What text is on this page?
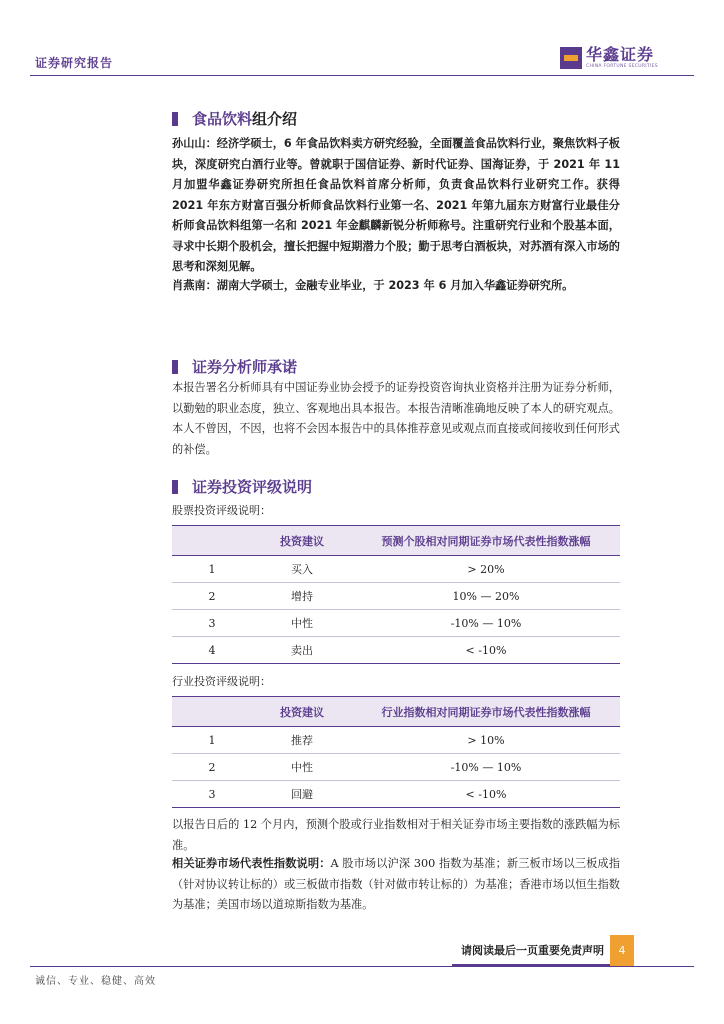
证券研究报告	华鑫证券
CHINA FORTUNE SECURITIES
食品饮料组介绍
孙山山：经济学硕士，6 年食品饮料卖方研究经验，全面覆盖食品饮料行业，聚焦饮料子板块，深度研究白酒行业等。曾就职于国信证券、新时代证券、国海证券，于 2021 年 11 月加盟华鑫证券研究所担任食品饮料首席分析师，负责食品饮料行业研究工作。获得 2021 年东方财富百强分析师食品饮料行业第一名、2021 年第九届东方财富行业最佳分析师食品饮料组第一名和 2021 年金麒麟新锐分析师称号。注重研究行业和个股基本面，寻求中长期个股机会，擅长把握中短期潜力个股；勤于思考白酒板块，对苏酒有深入市场的思考和深刻见解。
肖燕南：湖南大学硕士，金融专业毕业，于 2023 年 6 月加入华鑫证券研究所。
证券分析师承诺
本报告署名分析师具有中国证券业协会授予的证券投资咨询执业资格并注册为证券分析师，以勤勉的职业态度，独立、客观地出具本报告。本报告清晰准确地反映了本人的研究观点。本人不曾因，不因，也将不会因本报告中的具体推荐意见或观点而直接或间接收到任何形式的补偿。
证券投资评级说明
股票投资评级说明：
	投资建议	预测个股相对同期证券市场代表性指数涨幅
1	买入	> 20%
2	增持	10% — 20%
3	中性	-10% — 10%
4	卖出	< -10%
行业投资评级说明：
	投资建议	行业指数相对同期证券市场代表性指数涨幅
1	推荐	> 10%
2	中性	-10% — 10%
3	回避	< -10%
以报告日后的 12 个月内，预测个股或行业指数相对于相关证券市场主要指数的涨跌幅为标准。
相关证券市场代表性指数说明：A 股市场以沪深 300 指数为基准；新三板市场以三板成指（针对协议转让标的）或三板做市指数（针对做市转让标的）为基准；香港市场以恒生指数为基准；美国市场以道琼斯指数为基准。
请阅读最后一页重要免责声明	4
诚信、专业、稳健、高效
